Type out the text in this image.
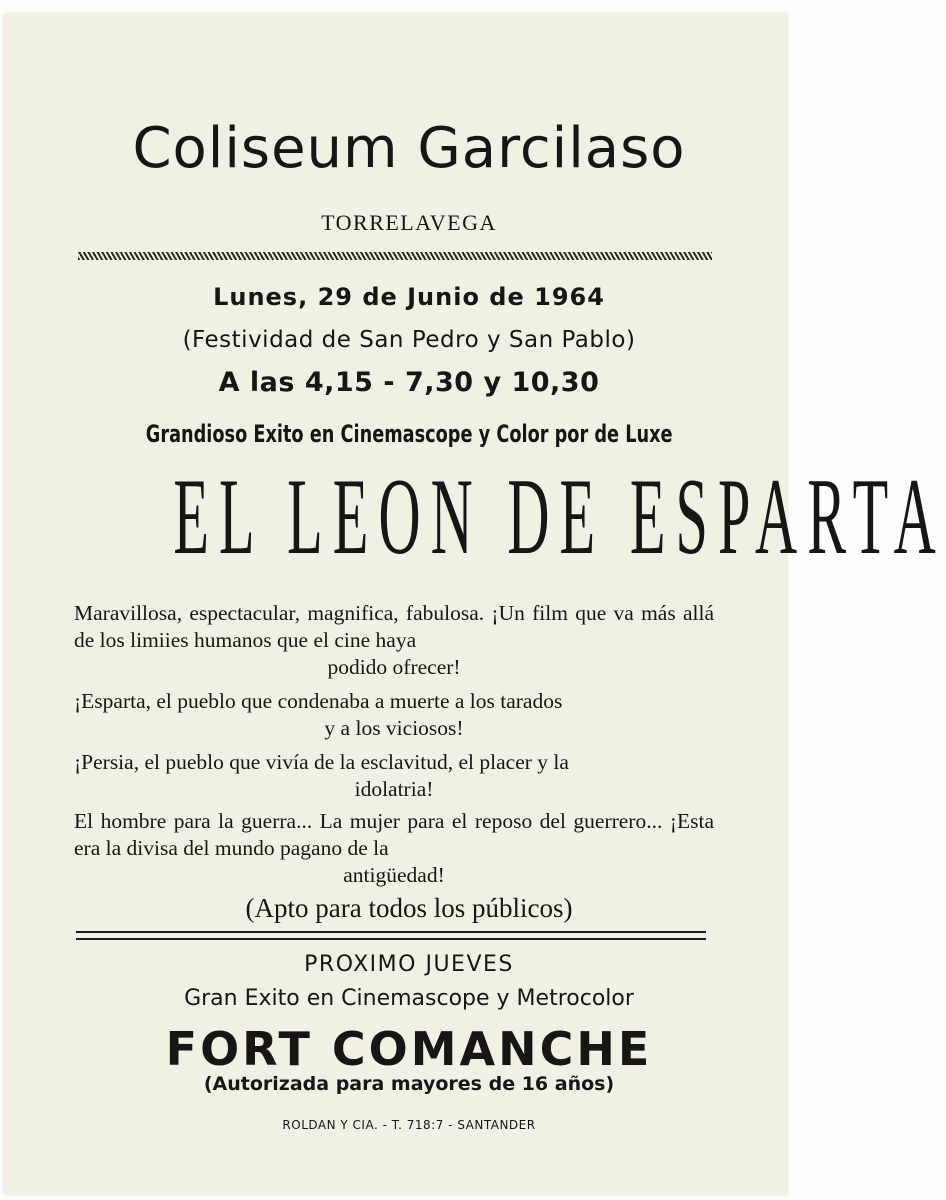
Coliseum Garcilaso
TORRELAVEGA
Lunes, 29 de Junio de 1964
(Festividad de San Pedro y San Pablo)
A las 4,15 - 7,30 y 10,30
Grandioso Exito en Cinemascope y Color por de Luxe
EL LEON DE ESPARTA
Maravillosa, espectacular, magnifica, fabulosa. ¡Un film que va más allá de los limiies humanos que el cine haya
podido ofrecer!
¡Esparta, el pueblo que condenaba a muerte a los tarados
y a los viciosos!
¡Persia, el pueblo que vivía de la esclavitud, el placer y la
idolatria!
El hombre para la guerra... La mujer para el reposo del guerrero... ¡Esta era la divisa del mundo pagano de la
antigüedad!
(Apto para todos los públicos)
PROXIMO JUEVES
Gran Exito en Cinemascope y Metrocolor
FORT COMANCHE
(Autorizada para mayores de 16 años)
ROLDAN Y CIA. - T. 718:7 - SANTANDER
